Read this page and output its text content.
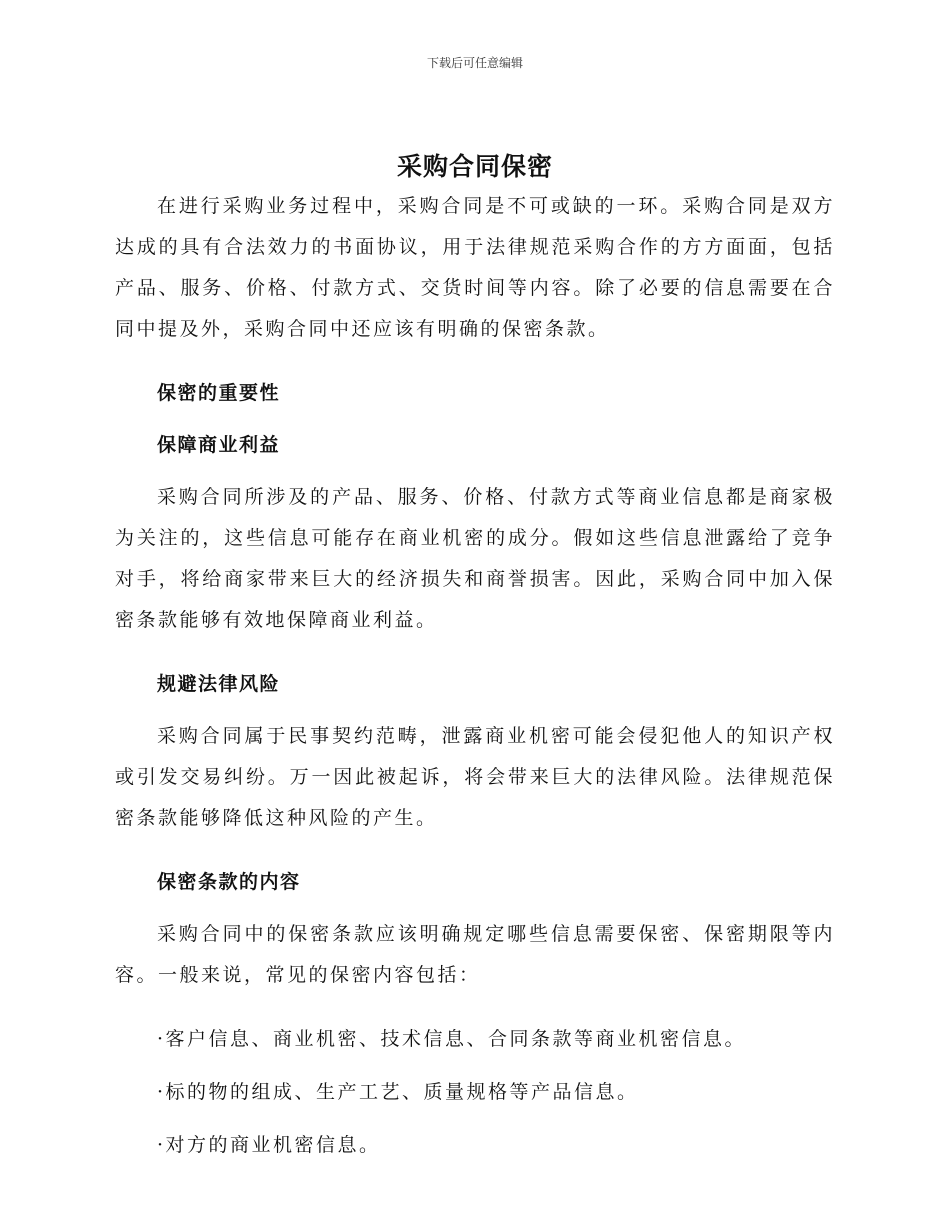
下载后可任意编辑
采购合同保密

在进行采购业务过程中，采购合同是不可或缺的一环。采购合同是双方达成的具有合法效力的书面协议，用于法律规范采购合作的方方面面，包括产品、服务、价格、付款方式、交货时间等内容。除了必要的信息需要在合同中提及外，采购合同中还应该有明确的保密条款。

保密的重要性
保障商业利益

采购合同所涉及的产品、服务、价格、付款方式等商业信息都是商家极为关注的，这些信息可能存在商业机密的成分。假如这些信息泄露给了竞争对手，将给商家带来巨大的经济损失和商誉损害。因此，采购合同中加入保密条款能够有效地保障商业利益。

规避法律风险

采购合同属于民事契约范畴，泄露商业机密可能会侵犯他人的知识产权或引发交易纠纷。万一因此被起诉，将会带来巨大的法律风险。法律规范保密条款能够降低这种风险的产生。

保密条款的内容

采购合同中的保密条款应该明确规定哪些信息需要保密、保密期限等内容。一般来说，常见的保密内容包括：

·客户信息、商业机密、技术信息、合同条款等商业机密信息。
·标的物的组成、生产工艺、质量规格等产品信息。
·对方的商业机密信息。
